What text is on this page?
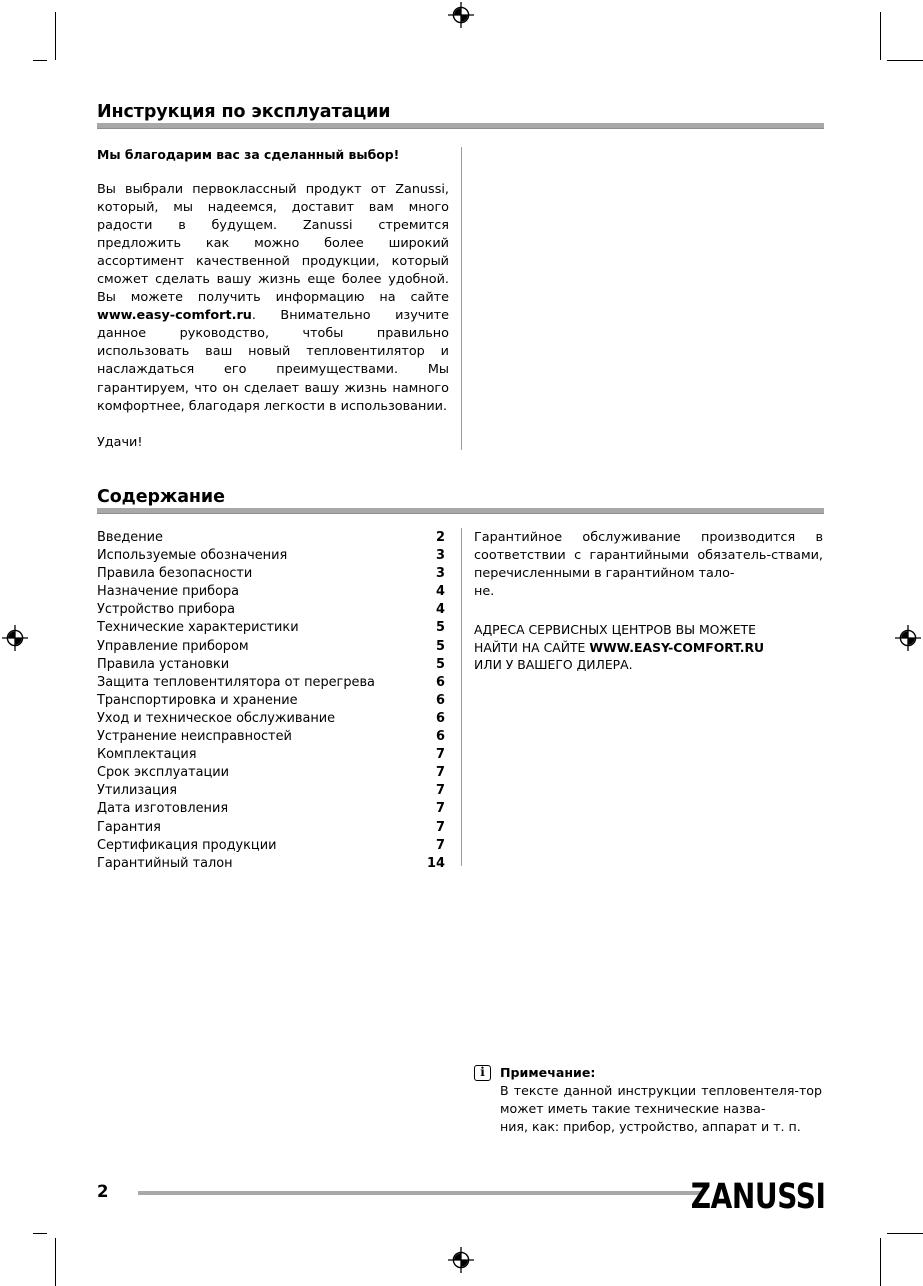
Инструкция по эксплуатации
Мы благодарим вас за сделанный выбор!
Вы выбрали первоклассный продукт от Zanussi, который, мы надеемся, доставит вам много радости в будущем. Zanussi стремится предложить как можно более широкий ассортимент качественной продукции, который сможет сделать вашу жизнь еще более удобной. Вы можете получить информацию на сайте www.easy-comfort.ru. Внимательно изучите данное руководство, чтобы правильно использовать ваш новый тепловентилятор и наслаждаться его преимуществами. Мы гарантируем, что он сделает вашу жизнь намного комфортнее, благодаря легкости в использовании.
Удачи!
Содержание
Введение	2
Используемые обозначения	3
Правила безопасности	3
Назначение прибора	4
Устройство прибора	4
Технические характеристики	5
Управление прибором	5
Правила установки	5
Защита тепловентилятора от перегрева	6
Транспортировка и хранение	6
Уход и техническое обслуживание	6
Устранение неисправностей	6
Комплектация	7
Срок эксплуатации	7
Утилизация	7
Дата изготовления	7
Гарантия	7
Сертификация продукции	7
Гарантийный талон	14
Гарантийное обслуживание производится в соответствии с гарантийными обязатель-ствами, перечисленными в гарантийном тало-
не.
АДРЕСА СЕРВИСНЫХ ЦЕНТРОВ ВЫ МОЖЕТЕ
НАЙТИ НА САЙТЕ WWW.EASY-COMFORT.RU
ИЛИ У ВАШЕГО ДИЛЕРА.
i	Примечание:
В тексте данной инструкции тепловентеля-тор может иметь такие технические назва-
ния, как: прибор, устройство, аппарат и т. п.
2	ZANUSSI
